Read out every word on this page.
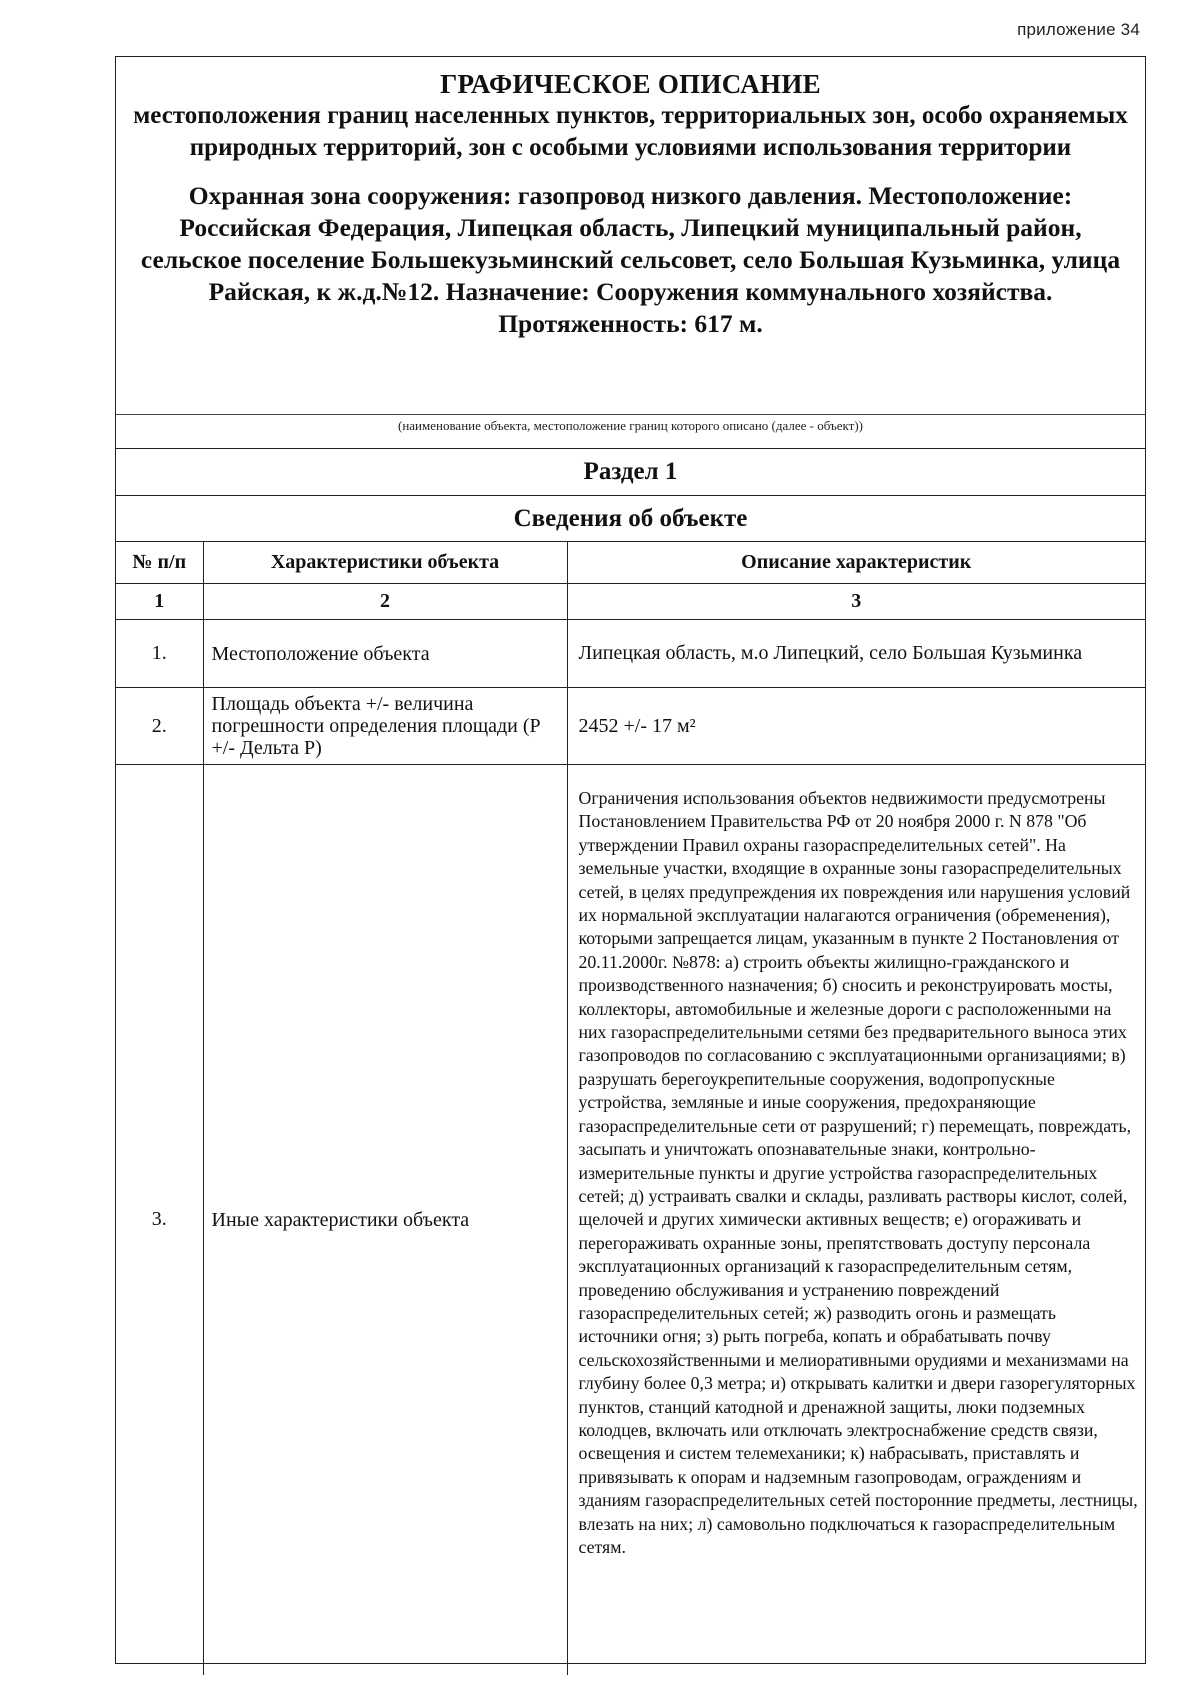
приложение 34
ГРАФИЧЕСКОЕ ОПИСАНИЕ
местоположения границ населенных пунктов, территориальных зон, особо охраняемых природных территорий, зон с особыми условиями использования территории
Охранная зона сооружения: газопровод низкого давления. Местоположение: Российская Федерация, Липецкая область, Липецкий муниципальный район, сельское поселение Большекузьминский сельсовет, село Большая Кузьминка, улица Райская, к ж.д.№12. Назначение: Сооружения коммунального хозяйства. Протяженность: 617 м.
(наименование объекта, местоположение границ которого описано (далее - объект))
Раздел 1
Сведения об объекте
№ п/п	Характеристики объекта	Описание характеристик
1	2	3
1.	Местоположение объекта	Липецкая область, м.о Липецкий, село Большая Кузьминка
2.	Площадь объекта +/- величина погрешности определения площади (Р +/- Дельта Р)	2452 +/- 17 м²
3.	Иные характеристики объекта	Ограничения использования объектов недвижимости предусмотрены Постановлением Правительства РФ от 20 ноября 2000 г. N 878 "Об утверждении Правил охраны газораспределительных сетей". На земельные участки, входящие в охранные зоны газораспределительных сетей, в целях предупреждения их повреждения или нарушения условий их нормальной эксплуатации налагаются ограничения (обременения), которыми запрещается лицам, указанным в пункте 2 Постановления от 20.11.2000г. №878: а) строить объекты жилищно-гражданского и производственного назначения; б) сносить и реконструировать мосты, коллекторы, автомобильные и железные дороги с расположенными на них газораспределительными сетями без предварительного выноса этих газопроводов по согласованию с эксплуатационными организациями; в) разрушать берегоукрепительные сооружения, водопропускные устройства, земляные и иные сооружения, предохраняющие газораспределительные сети от разрушений; г) перемещать, повреждать, засыпать и уничтожать опознавательные знаки, контрольно-измерительные пункты и другие устройства газораспределительных сетей; д) устраивать свалки и склады, разливать растворы кислот, солей, щелочей и других химически активных веществ; е) огораживать и перегораживать охранные зоны, препятствовать доступу персонала эксплуатационных организаций к газораспределительным сетям, проведению обслуживания и устранению повреждений газораспределительных сетей; ж) разводить огонь и размещать источники огня; з) рыть погреба, копать и обрабатывать почву сельскохозяйственными и мелиоративными орудиями и механизмами на глубину более 0,3 метра; и) открывать калитки и двери газорегуляторных пунктов, станций катодной и дренажной защиты, люки подземных колодцев, включать или отключать электроснабжение средств связи, освещения и систем телемеханики; к) набрасывать, приставлять и привязывать к опорам и надземным газопроводам, ограждениям и зданиям газораспределительных сетей посторонние предметы, лестницы, влезать на них; л) самовольно подключаться к газораспределительным сетям.
